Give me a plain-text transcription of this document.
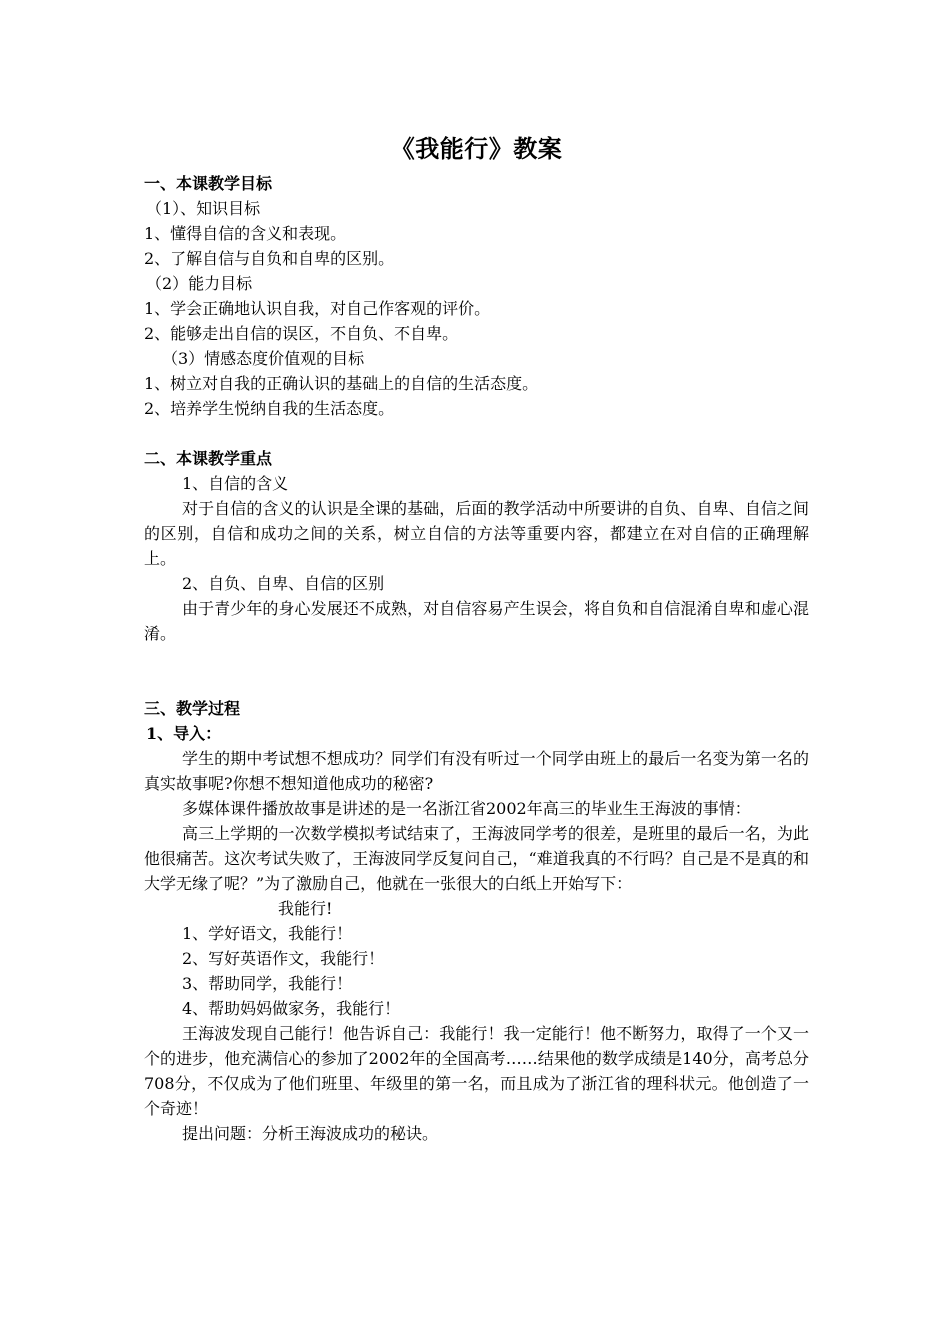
《我能行》教案
一、本课教学目标
（1）、知识目标
1、懂得自信的含义和表现。
2、了解自信与自负和自卑的区别。
（2）能力目标
1、学会正确地认识自我，对自己作客观的评价。
2、能够走出自信的误区，不自负、不自卑。
（3）情感态度价值观的目标
1、树立对自我的正确认识的基础上的自信的生活态度。
2、培养学生悦纳自我的生活态度。
二、本课教学重点
1、自信的含义

对于自信的含义的认识是全课的基础，后面的教学活动中所要讲的自负、自卑、自信之间的区别，自信和成功之间的关系，树立自信的方法等重要内容，都建立在对自信的正确理解上。

2、自负、自卑、自信的区别

由于青少年的身心发展还不成熟，对自信容易产生误会，将自负和自信混淆自卑和虚心混淆。

三、教学过程
1、导入：

学生的期中考试想不想成功？同学们有没有听过一个同学由班上的最后一名变为第一名的真实故事呢?你想不想知道他成功的秘密?

多媒体课件播放故事是讲述的是一名浙江省2002年高三的毕业生王海波的事情：

高三上学期的一次数学模拟考试结束了，王海波同学考的很差，是班里的最后一名，为此他很痛苦。这次考试失败了，王海波同学反复问自己，“难道我真的不行吗？自己是不是真的和大学无缘了呢？”为了激励自己，他就在一张很大的白纸上开始写下：

我能行!
1、学好语文，我能行！
2、写好英语作文，我能行！
3、帮助同学，我能行！
4、帮助妈妈做家务，我能行！

王海波发现自己能行！他告诉自己：我能行！我一定能行！他不断努力，取得了一个又一个的进步，他充满信心的参加了2002年的全国高考……结果他的数学成绩是140分，高考总分708分，不仅成为了他们班里、年级里的第一名，而且成为了浙江省的理科状元。他创造了一个奇迹！

提出问题：分析王海波成功的秘诀。
